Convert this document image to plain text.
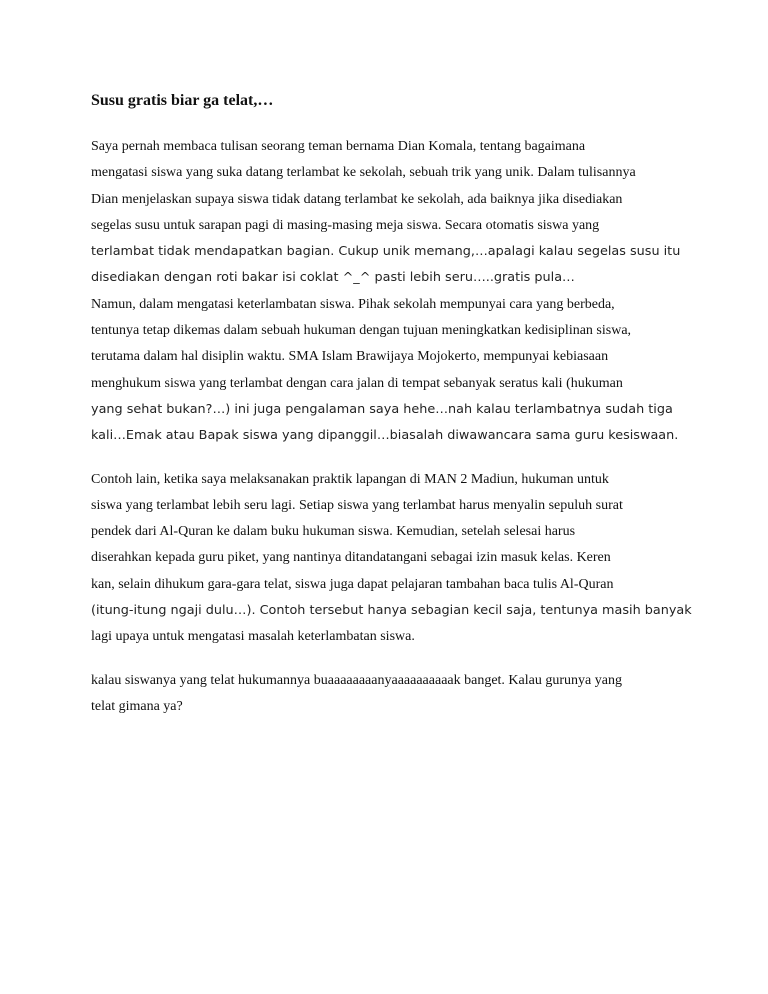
Susu gratis biar ga telat,…
Saya pernah membaca tulisan seorang teman bernama Dian Komala, tentang bagaimana
mengatasi siswa yang suka datang terlambat ke sekolah, sebuah trik yang unik. Dalam tulisannya
Dian menjelaskan supaya siswa tidak datang terlambat ke sekolah, ada baiknya jika disediakan
segelas susu untuk sarapan pagi di masing-masing meja siswa. Secara otomatis siswa yang
terlambat tidak mendapatkan bagian. Cukup unik memang,…apalagi kalau segelas susu itu
disediakan dengan roti bakar isi coklat ^_^ pasti lebih seru…..gratis pula…
Namun, dalam mengatasi keterlambatan siswa. Pihak sekolah mempunyai cara yang berbeda,
tentunya tetap dikemas dalam sebuah hukuman dengan tujuan meningkatkan kedisiplinan siswa,
terutama dalam hal disiplin waktu. SMA Islam Brawijaya Mojokerto, mempunyai kebiasaan
menghukum siswa yang terlambat dengan cara jalan di tempat sebanyak seratus kali (hukuman
yang sehat bukan?…) ini juga pengalaman saya hehe…nah kalau terlambatnya sudah tiga
kali…Emak atau Bapak siswa yang dipanggil…biasalah diwawancara sama guru kesiswaan.
Contoh lain, ketika saya melaksanakan praktik lapangan di MAN 2 Madiun, hukuman untuk
siswa yang terlambat lebih seru lagi. Setiap siswa yang terlambat harus menyalin sepuluh surat
pendek dari Al-Quran ke dalam buku hukuman siswa. Kemudian, setelah selesai harus
diserahkan kepada guru piket, yang nantinya ditandatangani sebagai izin masuk kelas. Keren
kan, selain dihukum gara-gara telat, siswa juga dapat pelajaran tambahan baca tulis Al-Quran
(itung-itung ngaji dulu…). Contoh tersebut hanya sebagian kecil saja, tentunya masih banyak
lagi upaya untuk mengatasi masalah keterlambatan siswa.
kalau siswanya yang telat hukumannya buaaaaaaaanyaaaaaaaaaak banget. Kalau gurunya yang
telat gimana ya?
